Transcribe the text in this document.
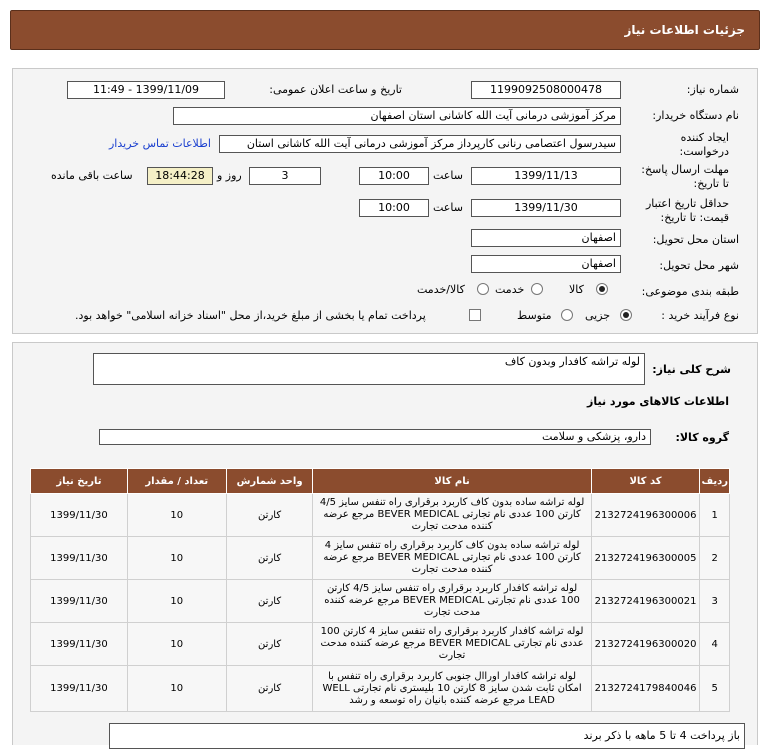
جزئیات اطلاعات نیاز
شماره نیاز:
1199092508000478
تاریخ و ساعت اعلان عمومی:
1399/11/09 - 11:49
نام دستگاه خریدار:
مرکز آموزشی درمانی آیت الله کاشانی استان اصفهان
ایجاد کننده
درخواست:
سیدرسول اعتصامی رنانی کارپرداز مرکز آموزشی درمانی آیت الله کاشانی استان
اطلاعات تماس خریدار
مهلت ارسال پاسخ:
تا تاریخ:
1399/11/13
ساعت
10:00
3
روز و
18:44:28
ساعت باقی مانده
حداقل تاریخ اعتبار
قیمت: تا تاریخ:
1399/11/30
ساعت
10:00
استان محل تحویل:
اصفهان
شهر محل تحویل:
اصفهان
طبقه بندی موضوعی:
کالا
خدمت
کالا/خدمت
نوع فرآیند خرید :
جزیی
متوسط
پرداخت تمام یا بخشی از مبلغ خرید،از محل "اسناد خزانه اسلامی" خواهد بود.
شرح کلی نیاز:
لوله تراشه کافدار وبدون کاف
اطلاعات کالاهای مورد نیاز
گروه کالا:
دارو، پزشکی و سلامت
باز پرداخت 4 تا 5 ماهه با ذکر برند
ردیف	کد کالا	نام کالا	واحد شمارش	تعداد / مقدار	تاریخ نیاز
1	2132724196300006	لوله تراشه ساده بدون کاف کاربرد برقراری راه تنفس سایز 4/5 کارتن 100 عددی نام تجارتی BEVER MEDICAL مرجع عرضه کننده مدحت تجارت	کارتن	10	1399/11/30
2	2132724196300005	لوله تراشه ساده بدون کاف کاربرد برقراری راه تنفس سایز 4 کارتن 100 عددی نام تجارتی BEVER MEDICAL مرجع عرضه کننده مدحت تجارت	کارتن	10	1399/11/30
3	2132724196300021	لوله تراشه کافدار کاربرد برقراری راه تنفس سایز 4/5 کارتن 100 عددی نام تجارتی BEVER MEDICAL مرجع عرضه کننده مدحت تجارت	کارتن	10	1399/11/30
4	2132724196300020	لوله تراشه کافدار کاربرد برقراری راه تنفس سایز 4 کارتن 100 عددی نام تجارتی BEVER MEDICAL مرجع عرضه کننده مدحت تجارت	کارتن	10	1399/11/30
5	2132724179840046	لوله تراشه کافدار اوراال جنوبی کاربرد برقراری راه تنفس با امکان ثابت شدن سایز 8 کارتن 10 بلیستری نام تجارتی WELL LEAD مرجع عرضه کننده بانیان راه توسعه و رشد	کارتن	10	1399/11/30
